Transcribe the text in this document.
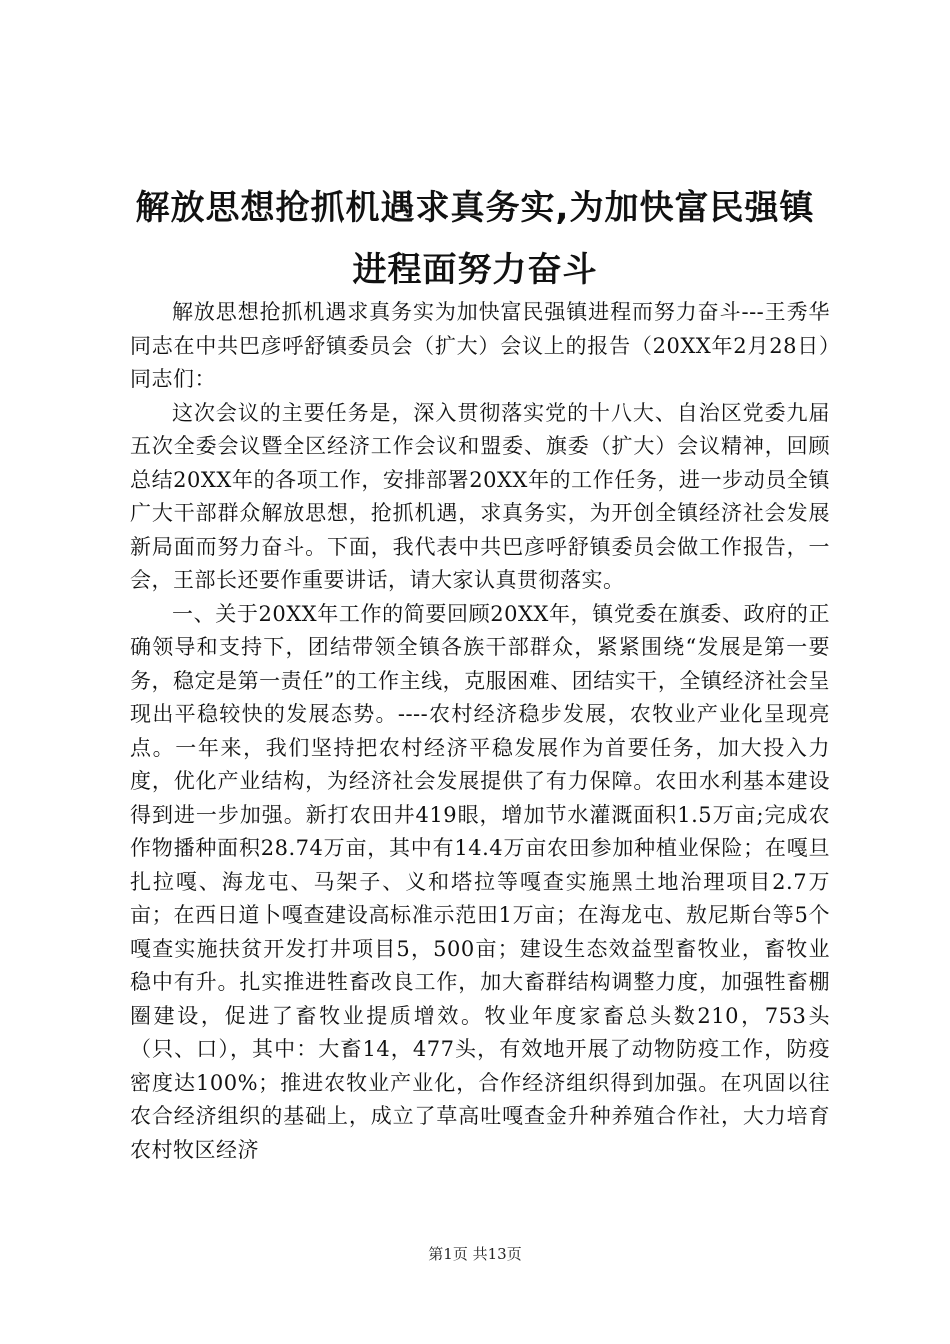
解放思想抢抓机遇求真务实,为加快富民强镇
进程面努力奋斗

解放思想抢抓机遇求真务实为加快富民强镇进程而努力奋斗---王秀华同志在中共巴彦呼舒镇委员会（扩大）会议上的报告（20XX年2月28日）同志们：

这次会议的主要任务是，深入贯彻落实党的十八大、自治区党委九届五次全委会议暨全区经济工作会议和盟委、旗委（扩大）会议精神，回顾总结20XX年的各项工作，安排部署20XX年的工作任务，进一步动员全镇广大干部群众解放思想，抢抓机遇，求真务实，为开创全镇经济社会发展新局面而努力奋斗。下面，我代表中共巴彦呼舒镇委员会做工作报告，一会，王部长还要作重要讲话，请大家认真贯彻落实。

一、关于20XX年工作的简要回顾20XX年，镇党委在旗委、政府的正确领导和支持下，团结带领全镇各族干部群众，紧紧围绕“发展是第一要务，稳定是第一责任”的工作主线，克服困难、团结实干，全镇经济社会呈现出平稳较快的发展态势。----农村经济稳步发展，农牧业产业化呈现亮点。一年来，我们坚持把农村经济平稳发展作为首要任务，加大投入力度，优化产业结构，为经济社会发展提供了有力保障。农田水利基本建设得到进一步加强。新打农田井419眼，增加节水灌溉面积1.5万亩;完成农作物播种面积28.74万亩，其中有14.4万亩农田参加种植业保险；在嘎旦扎拉嘎、海龙屯、马架子、义和塔拉等嘎查实施黑土地治理项目2.7万亩；在西日道卜嘎查建设高标准示范田1万亩；在海龙屯、敖尼斯台等5个嘎查实施扶贫开发打井项目5，500亩；建设生态效益型畜牧业，畜牧业稳中有升。扎实推进牲畜改良工作，加大畜群结构调整力度，加强牲畜棚圈建设，促进了畜牧业提质增效。牧业年度家畜总头数210，753头（只、口），其中：大畜14，477头，有效地开展了动物防疫工作，防疫密度达100%；推进农牧业产业化，合作经济组织得到加强。在巩固以往农合经济组织的基础上，成立了草高吐嘎查金升种养殖合作社，大力培育农村牧区经济

第1页 共13页
